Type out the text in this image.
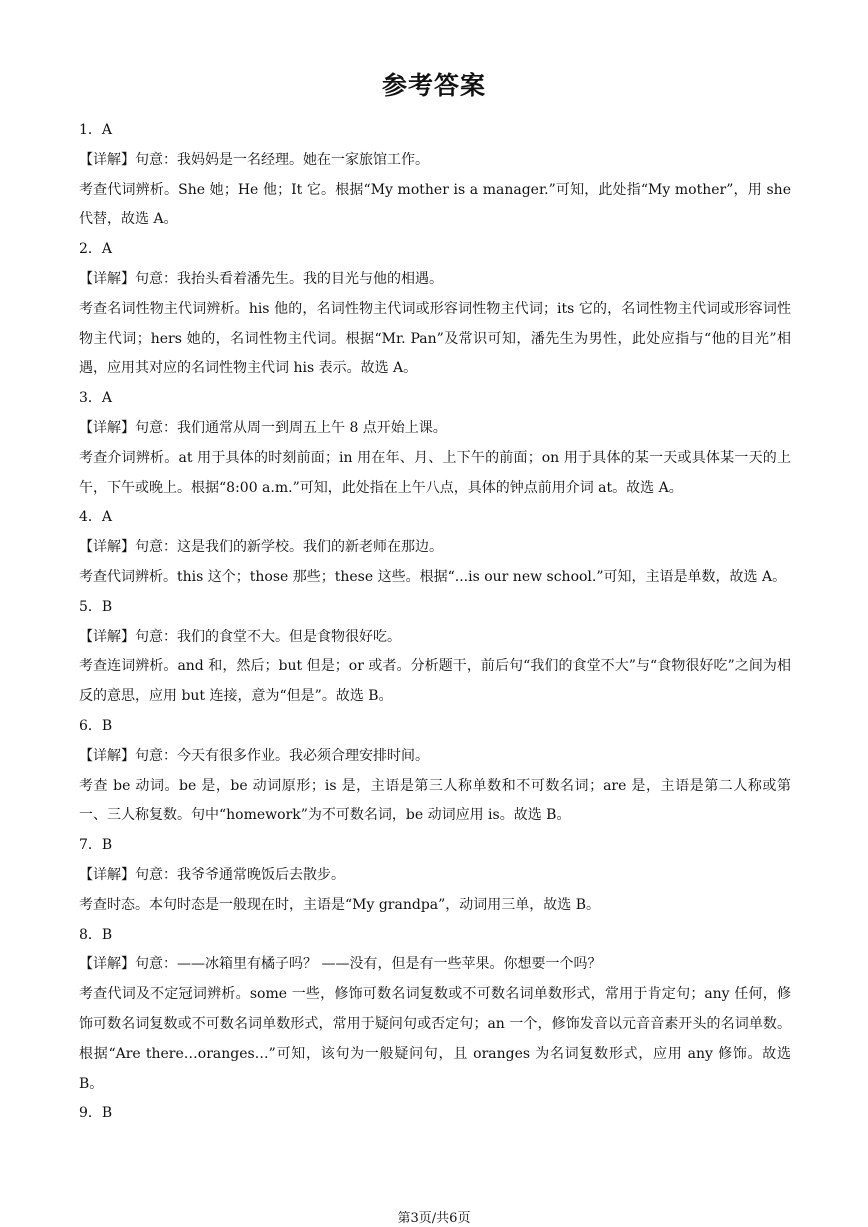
参考答案
1．A
【详解】句意：我妈妈是一名经理。她在一家旅馆工作。
考查代词辨析。She 她；He 他；It 它。根据“My mother is a manager.”可知，此处指“My mother”，用 she 代替，故选 A。
2．A
【详解】句意：我抬头看着潘先生。我的目光与他的相遇。
考查名词性物主代词辨析。his 他的，名词性物主代词或形容词性物主代词；its 它的，名词性物主代词或形容词性物主代词；hers 她的，名词性物主代词。根据“Mr. Pan”及常识可知，潘先生为男性，此处应指与“他的目光”相遇，应用其对应的名词性物主代词 his 表示。故选 A。
3．A
【详解】句意：我们通常从周一到周五上午 8 点开始上课。
考查介词辨析。at 用于具体的时刻前面；in 用在年、月、上下午的前面；on 用于具体的某一天或具体某一天的上午，下午或晚上。根据“8:00 a.m.”可知，此处指在上午八点，具体的钟点前用介词 at。故选 A。
4．A
【详解】句意：这是我们的新学校。我们的新老师在那边。
考查代词辨析。this 这个；those 那些；these 这些。根据“...is our new school.”可知，主语是单数，故选 A。
5．B
【详解】句意：我们的食堂不大。但是食物很好吃。
考查连词辨析。and 和，然后；but 但是；or 或者。分析题干，前后句“我们的食堂不大”与“食物很好吃”之间为相反的意思，应用 but 连接，意为“但是”。故选 B。
6．B
【详解】句意：今天有很多作业。我必须合理安排时间。
考查 be 动词。be 是，be 动词原形；is 是，主语是第三人称单数和不可数名词；are 是，主语是第二人称或第一、三人称复数。句中“homework”为不可数名词，be 动词应用 is。故选 B。
7．B
【详解】句意：我爷爷通常晚饭后去散步。
考查时态。本句时态是一般现在时，主语是“My grandpa”，动词用三单，故选 B。
8．B
【详解】句意：——冰箱里有橘子吗？ ——没有，但是有一些苹果。你想要一个吗？
考查代词及不定冠词辨析。some 一些，修饰可数名词复数或不可数名词单数形式，常用于肯定句；any 任何，修饰可数名词复数或不可数名词单数形式，常用于疑问句或否定句；an 一个，修饰发音以元音音素开头的名词单数。根据“Are there…oranges…”可知，该句为一般疑问句，且 oranges 为名词复数形式，应用 any 修饰。故选 B。
9．B
第3页/共6页
